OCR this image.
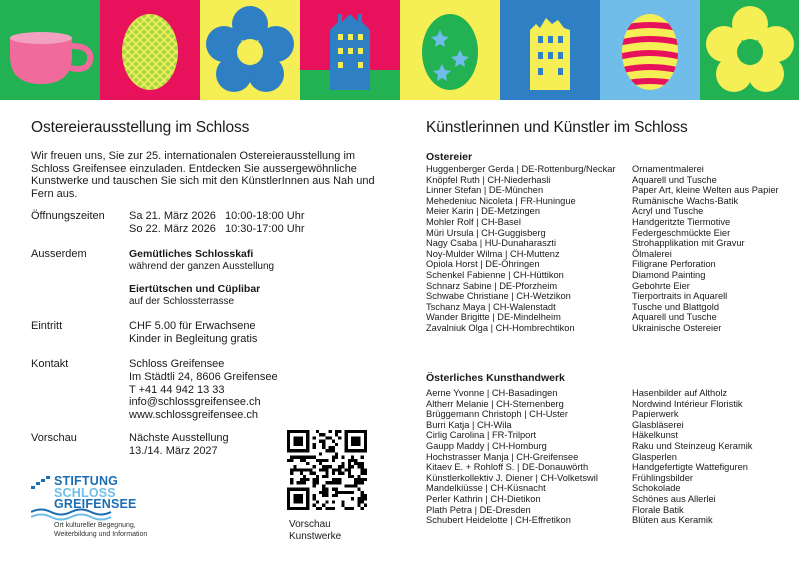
Ostereierausstellung im Schloss

Wir freuen uns, Sie zur 25. internationalen Ostereierausstellung im Schloss Greifensee einzuladen. Entdecken Sie aussergewöhnliche Kunstwerke und tauschen Sie sich mit den KünstlerInnen aus Nah und Fern aus.

Öffnungszeiten Sa 21. März 2026 10:00-18:00 Uhr
So 22. März 2026 10:30-17:00 Uhr
Ausserdem	Gemütliches Schlosskafi
während der ganzen Ausstellung
Eiertütschen und Cüplibar
auf der Schlossterrasse
Eintritt	CHF 5.00 für Erwachsene
Kinder in Begleitung gratis
Kontakt	Schloss Greifensee
Im Städtli 24, 8606 Greifensee
T +41 44 942 13 33
info@schlossgreifensee.ch
www.schlossgreifensee.ch
Vorschau	Nächste Ausstellung
13./14. März 2027
STIFTUNG
SCHLOSS
GREIFENSEE
Ort kultureller Begegnung,
Weiterbildung und Information
Vorschau
Kunstwerke
Künstlerinnen und Künstler im Schloss
Ostereier
Huggenberger Gerda | DE-Rottenburg/Neckar	Ornamentmalerei
Knöpfel Ruth | CH-Niederhasli	Aquarell und Tusche
Linner Stefan | DE-München	Paper Art, kleine Welten aus Papier
Mehedeniuc Nicoleta | FR-Huningue	Rumänische Wachs-Batik
Meier Karin | DE-Metzingen	Acryl und Tusche
Mohler Rolf | CH-Basel	Handgeritzte Tiermotive
Müri Ursula | CH-Guggisberg	Federgeschmückte Eier
Nagy Csaba | HU-Dunaharaszti	Strohapplikation mit Gravur
Noy-Mulder Wilma | CH-Muttenz	Ölmalerei
Opiola Horst | DE-Öhringen	Filigrane Perforation
Schenkel Fabienne | CH-Hüttikon	Diamond Painting
Schnarz Sabine | DE-Pforzheim	Gebohrte Eier
Schwabe Christiane | CH-Wetzikon	Tierportraits in Aquarell
Tschanz Maya | CH-Walenstadt	Tusche und Blattgold
Wander Brigitte | DE-Mindelheim	Aquarell und Tusche
Zavalniuk Olga | CH-Hombrechtikon	Ukrainische Ostereier
Österliches Kunsthandwerk
Aerne Yvonne | CH-Basadingen	Hasenbilder auf Altholz
Altherr Melanie | CH-Sternenberg	Nordwind Intérieur Floristik
Brüggemann Christoph | CH-Uster	Papierwerk
Burri Katja | CH-Wila	Glasbläserei
Cirlig Carolina | FR-Trilport	Häkelkunst
Gaupp Maddy | CH-Homburg	Raku und Steinzeug Keramik
Hochstrasser Manja | CH-Greifensee	Glasperlen
Kitaev E. + Rohloff S. | DE-Donauwörth	Handgefertigte Wattefiguren
Künstlerkollektiv J. Diener | CH-Volketswil	Frühlingsbilder
Mandelkiüsse | CH-Küsnacht	Schokolade
Perler Kathrin | CH-Dietikon	Schönes aus Allerlei
Plath Petra | DE-Dresden	Florale Batik
Schubert Heidelotte | CH-Effretikon	Blüten aus Keramik
